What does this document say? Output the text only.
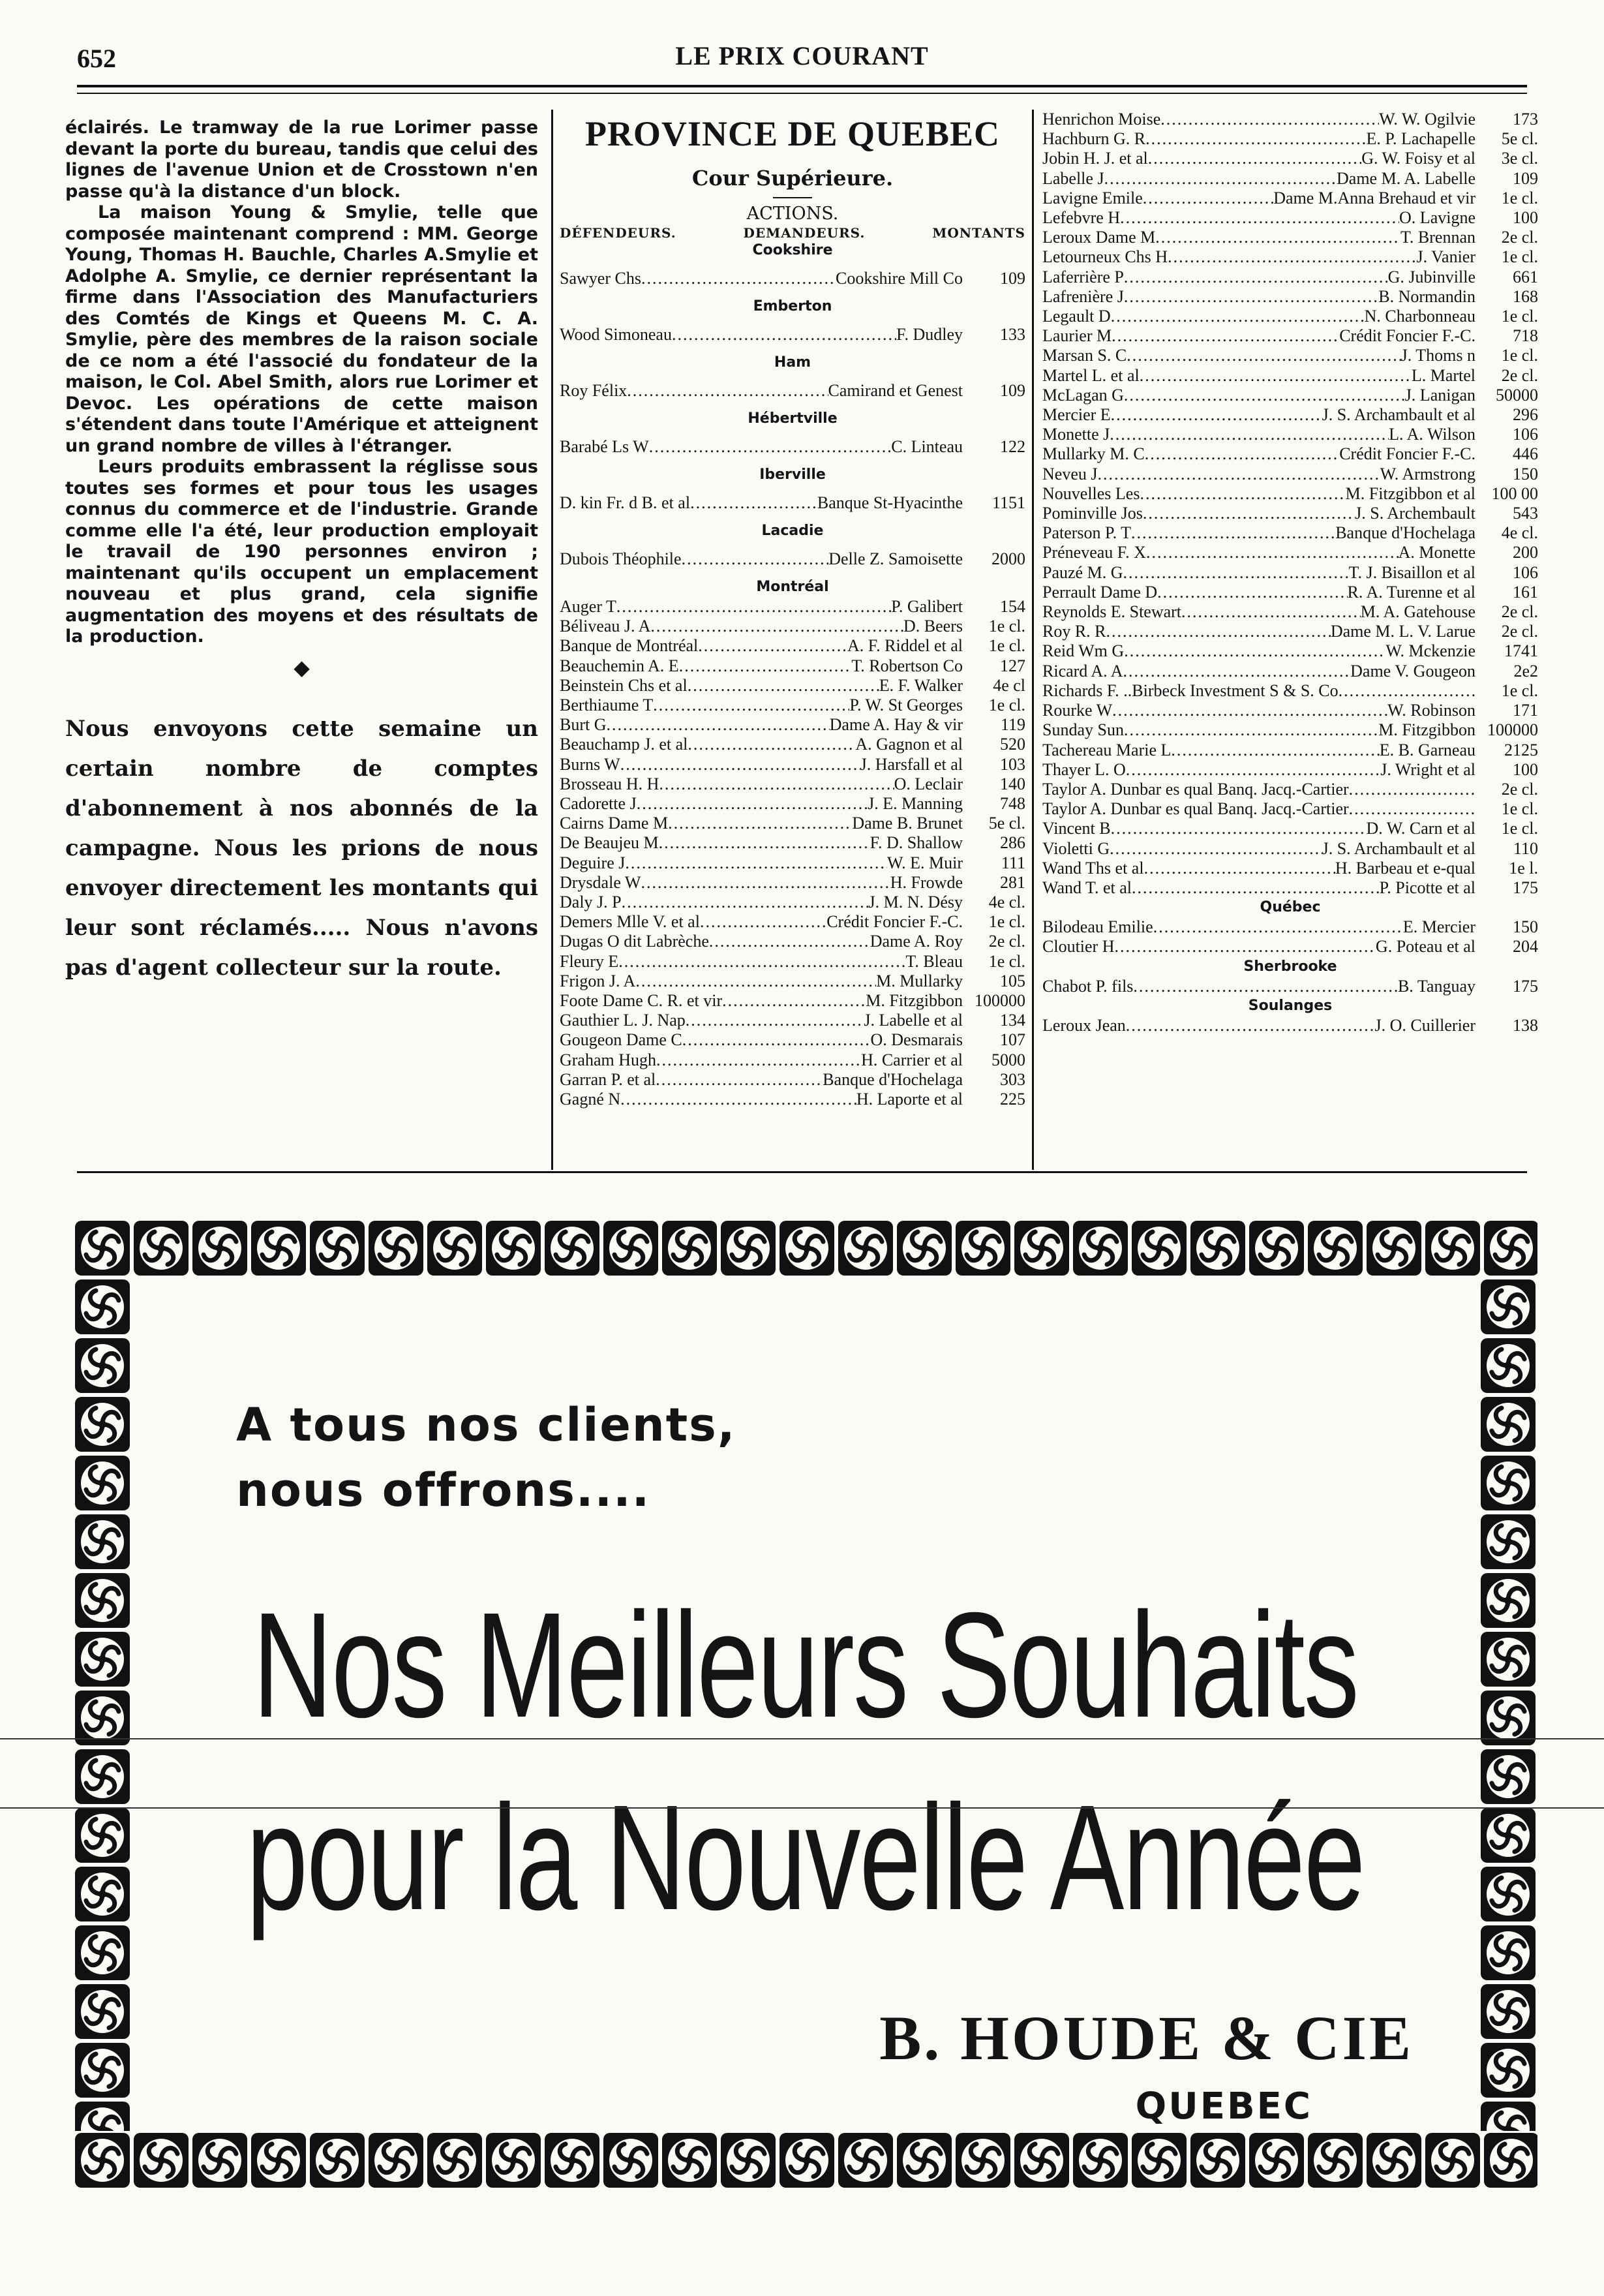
652	LE PRIX COURANT

éclairés. Le tramway de la rue Lorimer passe devant la porte du bureau, tandis que celui des lignes de l'avenue Union et de Crosstown n'en passe qu'à la distance d'un block.

La maison Young & Smylie, telle que composée maintenant comprend : MM. George Young, Thomas H. Bauchle, Charles A.Smylie et Adolphe A. Smylie, ce dernier représentant la firme dans l'Association des Manufacturiers des Comtés de Kings et Queens M. C. A. Smylie, père des membres de la raison sociale de ce nom a été l'associé du fondateur de la maison, le Col. Abel Smith, alors rue Lorimer et Devoc. Les opérations de cette maison s'étendent dans toute l'Amérique et atteignent un grand nombre de villes à l'étranger.

Leurs produits embrassent la réglisse sous toutes ses formes et pour tous les usages connus du commerce et de l'industrie. Grande comme elle l'a été, leur production employait le travail de 190 personnes environ ; maintenant qu'ils occupent un emplacement nouveau et plus grand, cela signifie augmentation des moyens et des résultats de la production.

◆

Nous envoyons cette semaine un certain nombre de comptes d'abonnement à nos abonnés de la campagne. Nous les prions de nous envoyer directement les montants qui leur sont réclamés..... Nous n'avons pas d'agent collecteur sur la route.

PROVINCE DE QUEBEC
Cour Supérieure.
ACTIONS.
DÉFENDEURS.	DEMANDEURS.	MONTANTS
Cookshire
Sawyer Chs .....	Cookshire Mill Co	109
Emberton
Wood Simoneau .....	F. Dudley	133
Ham
Roy Félix .....	Camirand et Genest	109
Hébertville
Barabé Ls W .....	C. Linteau	122
Iberville
D. kin Fr. d B. et al .....	Banque St-Hyacinthe	1151
Lacadie
Dubois Théophile .....	Delle Z. Samoisette	2000
Montréal
Auger T .....	P. Galibert	154
Béliveau J. A .....	D. Beers	1e cl.
Banque de Montréal .....	A. F. Riddel et al	1e cl.
Beauchemin A. E .....	T. Robertson Co	127
Beinstein Chs et al .....	E. F. Walker	4e cl
Berthiaume T .....	P. W. St Georges	1e cl.
Burt G .....	Dame A. Hay & vir	119
Beauchamp J. et al .....	A. Gagnon et al	520
Burns W .....	J. Harsfall et al	103
Brosseau H. H .....	O. Leclair	140
Cadorette J .....	J. E. Manning	748
Cairns Dame M .....	Dame B. Brunet	5e cl.
De Beaujeu M .....	F. D. Shallow	286
Deguire J .....	W. E. Muir	111
Drysdale W .....	H. Frowde	281
Daly J. P .....	J. M. N. Désy	4e cl.
Demers Mlle V. et al .....	Crédit Foncier F.-C.	1e cl.
Dugas O dit Labrèche .....	Dame A. Roy	2e cl.
Fleury E .....	T. Bleau	1e cl.
Frigon J. A .....	M. Mullarky	105
Foote Dame C. R. et vir .....	M. Fitzgibbon 100000
Gauthier L. J. Nap .....	J. Labelle et al	134
Gougeon Dame C .....	O. Desmarais	107
Graham Hugh .....	H. Carrier et al	5000
Garran P. et al .....	Banque d'Hochelaga	303
Gagné N .....	H. Laporte et al	225
Henrichon Moise .....	W. W. Ogilvie	173
Hachburn G. R .....	E. P. Lachapelle	5e cl.
Jobin H. J. et al .....	G. W. Foisy et al	3e cl.
Labelle J .....	Dame M. A. Labelle	109
Lavigne Emile .....	Dame M.Anna Brehaud et vir	1e cl.
Lefebvre H .....	O. Lavigne	100
Leroux Dame M .....	T. Brennan	2e cl.
Letourneux Chs H .....	J. Vanier	1e cl.
Laferrière P .....	G. Jubinville	661
Lafrenière J .....	B. Normandin	168
Legault D .....	N. Charbonneau	1e cl.
Laurier M .....	Crédit Foncier F.-C.	718
Marsan S. C .....	J. Thoms n	1e cl.
Martel L. et al .....	L. Martel	2e cl.
McLagan G .....	J. Lanigan	50000
Mercier E .....	J. S. Archambault et al	296
Monette J .....	L. A. Wilson	106
Mullarky M. C .....	Crédit Foncier F.-C.	446
Neveu J .....	W. Armstrong	150
Nouvelles Les .....	M. Fitzgibbon et al 100 00
Pominville Jos .....	J. S. Archembault	543
Paterson P. T .....	Banque d'Hochelaga	4e cl.
Préneveau F. X .....	A. Monette	200
Pauzé M. G .....	T. J. Bisaillon et al	106
Perrault Dame D .....	R. A. Turenne et al	161
Reynolds E. Stewart .....	M. A. Gatehouse	2e cl.
Roy R. R .....	Dame M. L. V. Larue	2e cl.
Reid Wm G .....	W. Mckenzie	1741
Ricard A. A .....	Dame V. Gougeon	2e2
Richards F. ..Birbeck Investment S & S. Co .....	1e cl.
Rourke W .....	W. Robinson	171
Sunday Sun .....	M. Fitzgibbon 100000
Tachereau Marie L .....	E. B. Garneau	2125
Thayer L. O .....	J. Wright et al	100
Taylor A. Dunbar es qual Banq. Jacq.-Cartier .....	2e cl.
Taylor A. Dunbar es qual Banq. Jacq.-Cartier .....	1e cl.
Vincent B .....	D. W. Carn et al	1e cl.
Violetti G .....	J. S. Archambault et al	110
Wand Ths et al .....	H. Barbeau et e-qual	1e l.
Wand T. et al .....	P. Picotte et al	175
Québec
Bilodeau Emilie .....	E. Mercier	150
Cloutier H .....	G. Poteau et al	204
Sherbrooke
Chabot P. fils .....	B. Tanguay	175
Soulanges
Leroux Jean .....	J. O. Cuillerier	138
A tous nos clients,
nous offrons....
Nos Meilleurs Souhaits
pour la Nouvelle Année
B. HOUDE & CIE
QUEBEC
